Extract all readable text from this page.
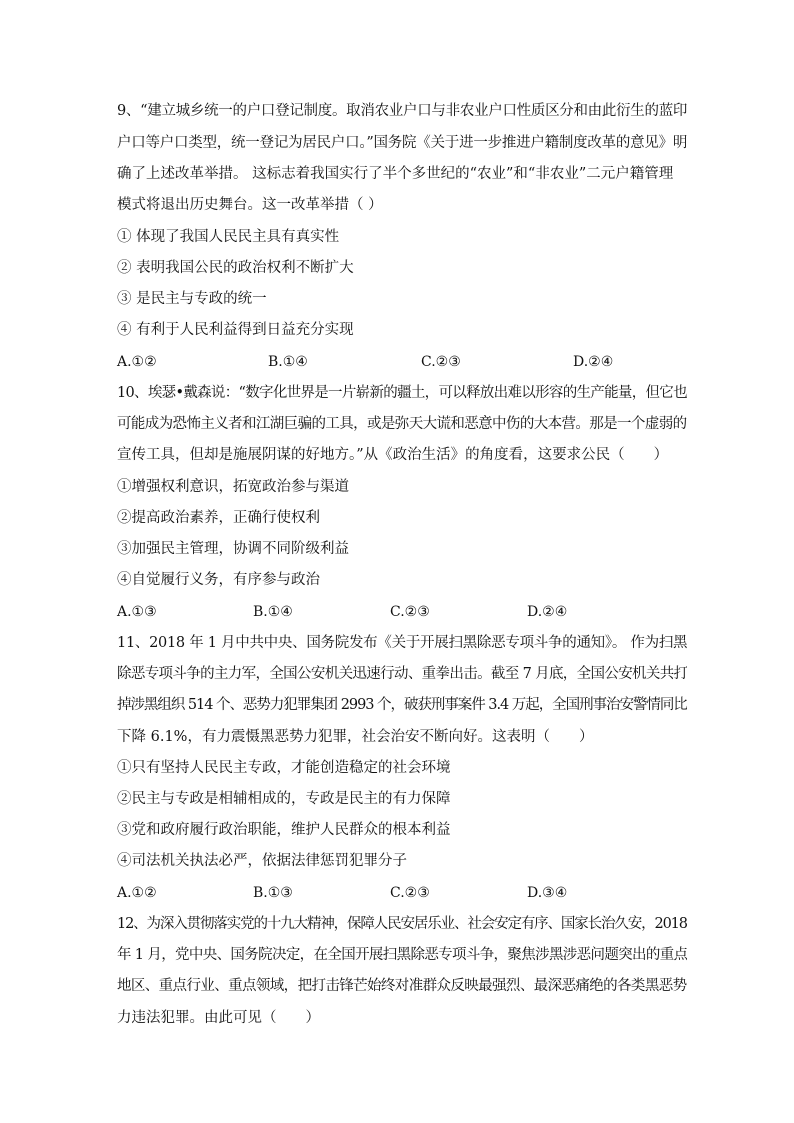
9、“建立城乡统一的户口登记制度。取消农业户口与非农业户口性质区分和由此衍生的蓝印
户口等户口类型，统一登记为居民户口。”国务院《关于进一步推进户籍制度改革的意见》明
确了上述改革举措。 这标志着我国实行了半个多世纪的“农业”和“非农业”二元户籍管理
模式将退出历史舞台。这一改革举措（ ）
① 体现了我国人民民主具有真实性
② 表明我国公民的政治权利不断扩大
③ 是民主与专政的统一
④ 有利于人民利益得到日益充分实现
A.①②	B.①④	C.②③	D.②④
10、埃瑟•戴森说：“数字化世界是一片崭新的疆土，可以释放出难以形容的生产能量，但它也
可能成为恐怖主义者和江湖巨骗的工具，或是弥天大谎和恶意中伤的大本营。那是一个虚弱的
宣传工具，但却是施展阴谋的好地方。”从《政治生活》的角度看，这要求公民（　　）
①增强权利意识，拓宽政治参与渠道
②提高政治素养，正确行使权利
③加强民主管理，协调不同阶级利益
④自觉履行义务，有序参与政治
A.①③	B.①④	C.②③	D.②④
11、2018 年 1 月中共中央、国务院发布《关于开展扫黑除恶专项斗争的通知》。 作为扫黑
除恶专项斗争的主力军，全国公安机关迅速行动、重拳出击。截至 7 月底，全国公安机关共打
掉涉黑组织 514 个、恶势力犯罪集团 2993 个，破获刑事案件 3.4 万起，全国刑事治安警情同比
下降 6.1%，有力震慑黑恶势力犯罪，社会治安不断向好。这表明（　　）
①只有坚持人民民主专政，才能创造稳定的社会环境
②民主与专政是相辅相成的，专政是民主的有力保障
③党和政府履行政治职能，维护人民群众的根本利益
④司法机关执法必严，依据法律惩罚犯罪分子
A.①②	B.①③	C.②③	D.③④
12、为深入贯彻落实党的十九大精神，保障人民安居乐业、社会安定有序、国家长治久安，2018
年 1 月，党中央、国务院决定，在全国开展扫黑除恶专项斗争，聚焦涉黑涉恶问题突出的重点
地区、重点行业、重点领域，把打击锋芒始终对准群众反映最强烈、最深恶痛绝的各类黑恶势
力违法犯罪。由此可见（　　）
